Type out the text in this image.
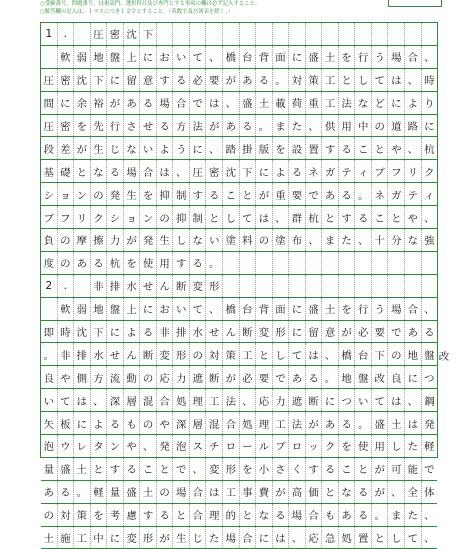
○受験番号、問題番号、技術部門、選択科目及び専門とする事項の欄は必ず記入すること。
○解答欄の記入は、１マスにつき１文字とすること。（英数字及び図表を除く。）
1	.
　	圧 密 沈 下

軟 弱 地 盤 上 に お い て 、 橋 台 背 面 に 盛 土 を 行 う 場 合 、
圧 密 沈 下 に 留 意 す る 必 要 が あ る 。 対 策 工 と し て は 、 時
間 に 余 裕 が あ る 場 合 で は 、 盛 土 載 荷 重 工 法 な ど に よ り
圧 密 を 先 行 さ せ る 方 法 が あ る 。 ま た 、 供 用 中 の 道 路 に
段 差 が 生 じ な い よ う に 、 踏 掛 版 を 設 置 す る こ と や 、 杭
基 礎 と な る 場 合 は 、 圧 密 沈 下 に よ る ネ ガ テ ィ ブ フ リ ク
シ ョ ン の 発 生 を 抑 制 す る こ と が 重 要 で あ る 。 ネ ガ テ ィ
ブ フ リ ク シ ョ ン の 抑 制 と し て は 、 群 杭 と す る こ と や 、
負 の 摩 擦 力 が 発 生 し な い 塗 料 の 塗 布 、 ま た 、 十 分 な 強
度 の あ る 杭 を 使 用 す る 。
2	.
　	非 排 水 せ ん 断 変 形

軟 弱 地 盤 上 に お い て 、 橋 台 背 面 に 盛 土 を 行 う 場 合 、
即 時 沈 下 に よ る 非 排 水 せ ん 断 変 形 に 留 意 が 必 要 で あ る
。 非 排 水 せ ん 断 変 形 の 対 策 工 と し て は 、 橋 台 下 の 地 盤
良 や 側 方 流 動 の 応 力 遮 断 が 必 要 で あ る 。 地 盤 改 良 に つ
い て は 、 深 層 混 合 処 理 工 法 、 応 力 遮 断 に つ い て は 、 鋼
矢 板 に よ る も の や 深 層 混 合 処 理 工 法 が あ る 。 盛 土 は 発
泡 ウ レ タ ン や 、 発 泡 ス チ ロ ー ル ブ ロ ッ ク を 使 用 し た 軽
量 盛 土 と す る こ と で 、 変 形 を 小 さ く す る こ と が 可 能 で
あ る 。 軽 量 盛 土 の 場 合 は 工 事 費 が 高 価 と な る が 、 全 体
の 対 策 を 考 慮 す る と 合 理 的 と な る 場 合 も あ る 。 ま た 、
土 施 工 中 に 変 形 が 生 じ た 場 合 に は 、 応 急 処 置 と し て 、
改
